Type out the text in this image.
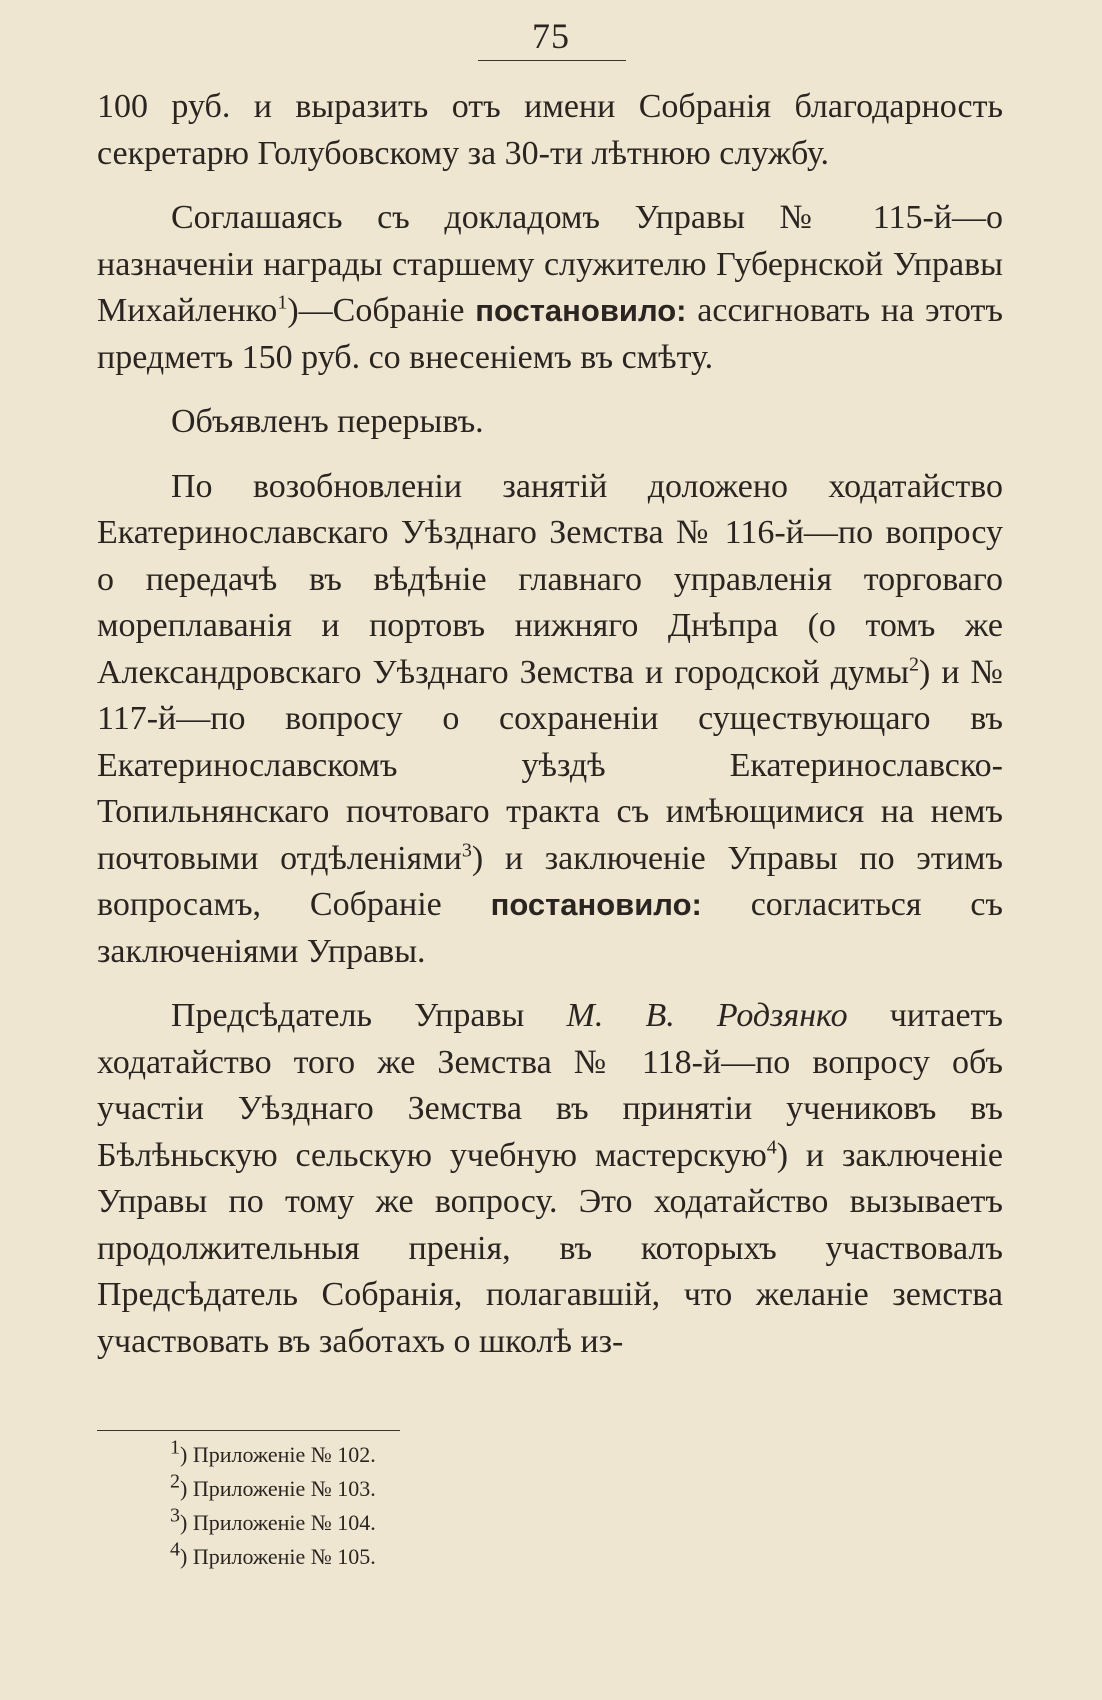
75

100 руб. и выразить отъ имени Собранія благодарность секретарю Голубовскому за 30-ти лѣтнюю службу.

Соглашаясь съ докладомъ Управы № 115-й—о назначеніи награды старшему служителю Губернской Управы Михайленко$^1$)—Собраніе постановило: ассигновать на этотъ предметъ 150 руб. со внесеніемъ въ смѣту.

Объявленъ перерывъ.

По возобновленіи занятій доложено ходатайство Екатеринославскаго Уѣзднаго Земства № 116-й—по вопросу о передачѣ въ вѣдѣніе главнаго управленія торговаго мореплаванія и портовъ нижняго Днѣпра (о томъ же Александровскаго Уѣзднаго Земства и городской думы$^2$) и № 117-й—по вопросу о сохраненіи существующаго въ Екатеринославскомъ уѣздѣ Екатеринославско-Топильнянскаго почтоваго тракта съ имѣющимися на немъ почтовыми отдѣленіями$^3$) и заключеніе Управы по этимъ вопросамъ, Собраніе постановило: согласиться съ заключеніями Управы.

Предсѣдатель Управы М. В. Родзянко читаетъ ходатайство того же Земства № 118-й—по вопросу объ участіи Уѣзднаго Земства въ принятіи учениковъ въ Бѣлѣньскую сельскую учебную мастерскую$^4$) и заключеніе Управы по тому же вопросу. Это ходатайство вызываетъ продолжительныя пренія, въ которыхъ участвовалъ Предсѣдатель Собранія, полагавшій, что желаніе земства участвовать въ заботахъ о школѣ из-

$^1$) Приложеніе № 102.
$^2$) Приложеніе № 103.
$^3$) Приложеніе № 104.
$^4$) Приложеніе № 105.
